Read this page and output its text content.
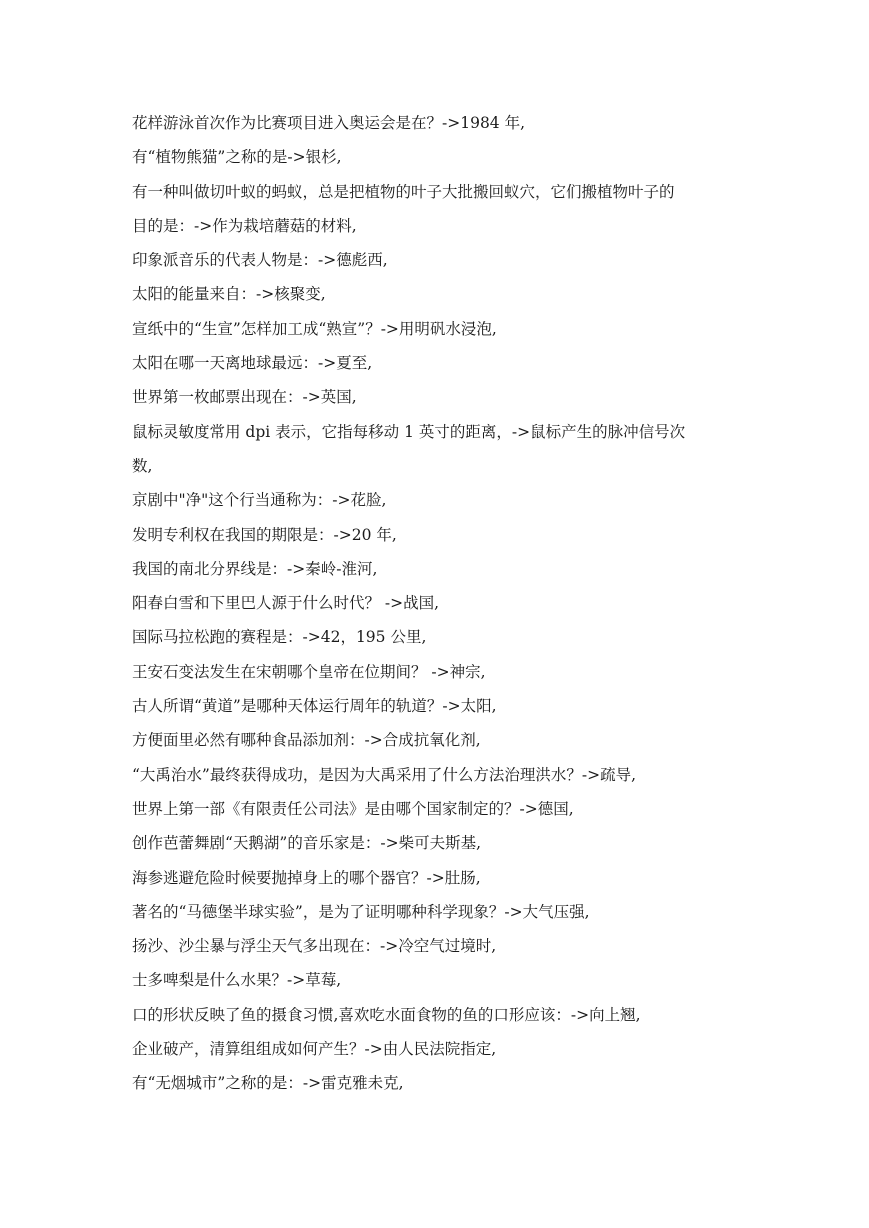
花样游泳首次作为比赛项目进入奥运会是在？->1984 年,
有“植物熊猫”之称的是->银杉,
有一种叫做切叶蚁的蚂蚁，总是把植物的叶子大批搬回蚁穴，它们搬植物叶子的
目的是：->作为栽培蘑菇的材料,
印象派音乐的代表人物是：->德彪西,
太阳的能量来自：->核聚变,
宣纸中的“生宣”怎样加工成“熟宣”？->用明矾水浸泡,
太阳在哪一天离地球最远：->夏至,
世界第一枚邮票出现在：->英国,
鼠标灵敏度常用 dpi 表示，它指每移动 1 英寸的距离，->鼠标产生的脉冲信号次
数,
京剧中"净"这个行当通称为：->花脸,
发明专利权在我国的期限是：->20 年,
我国的南北分界线是：->秦岭-淮河,
阳春白雪和下里巴人源于什么时代？ ->战国,
国际马拉松跑的赛程是：->42，195 公里,
王安石变法发生在宋朝哪个皇帝在位期间？ ->神宗,
古人所谓“黄道”是哪种天体运行周年的轨道？->太阳,
方便面里必然有哪种食品添加剂：->合成抗氧化剂,
“大禹治水”最终获得成功，是因为大禹采用了什么方法治理洪水？->疏导,
世界上第一部《有限责任公司法》是由哪个国家制定的？->德国,
创作芭蕾舞剧“天鹅湖”的音乐家是：->柴可夫斯基,
海参逃避危险时候要抛掉身上的哪个器官？->肚肠,
著名的“马德堡半球实验”，是为了证明哪种科学现象？->大气压强,
扬沙、沙尘暴与浮尘天气多出现在：->冷空气过境时,
士多啤梨是什么水果？->草莓,
口的形状反映了鱼的摄食习惯,喜欢吃水面食物的鱼的口形应该：->向上翘,
企业破产，清算组组成如何产生？->由人民法院指定,
有“无烟城市”之称的是：->雷克雅未克,
